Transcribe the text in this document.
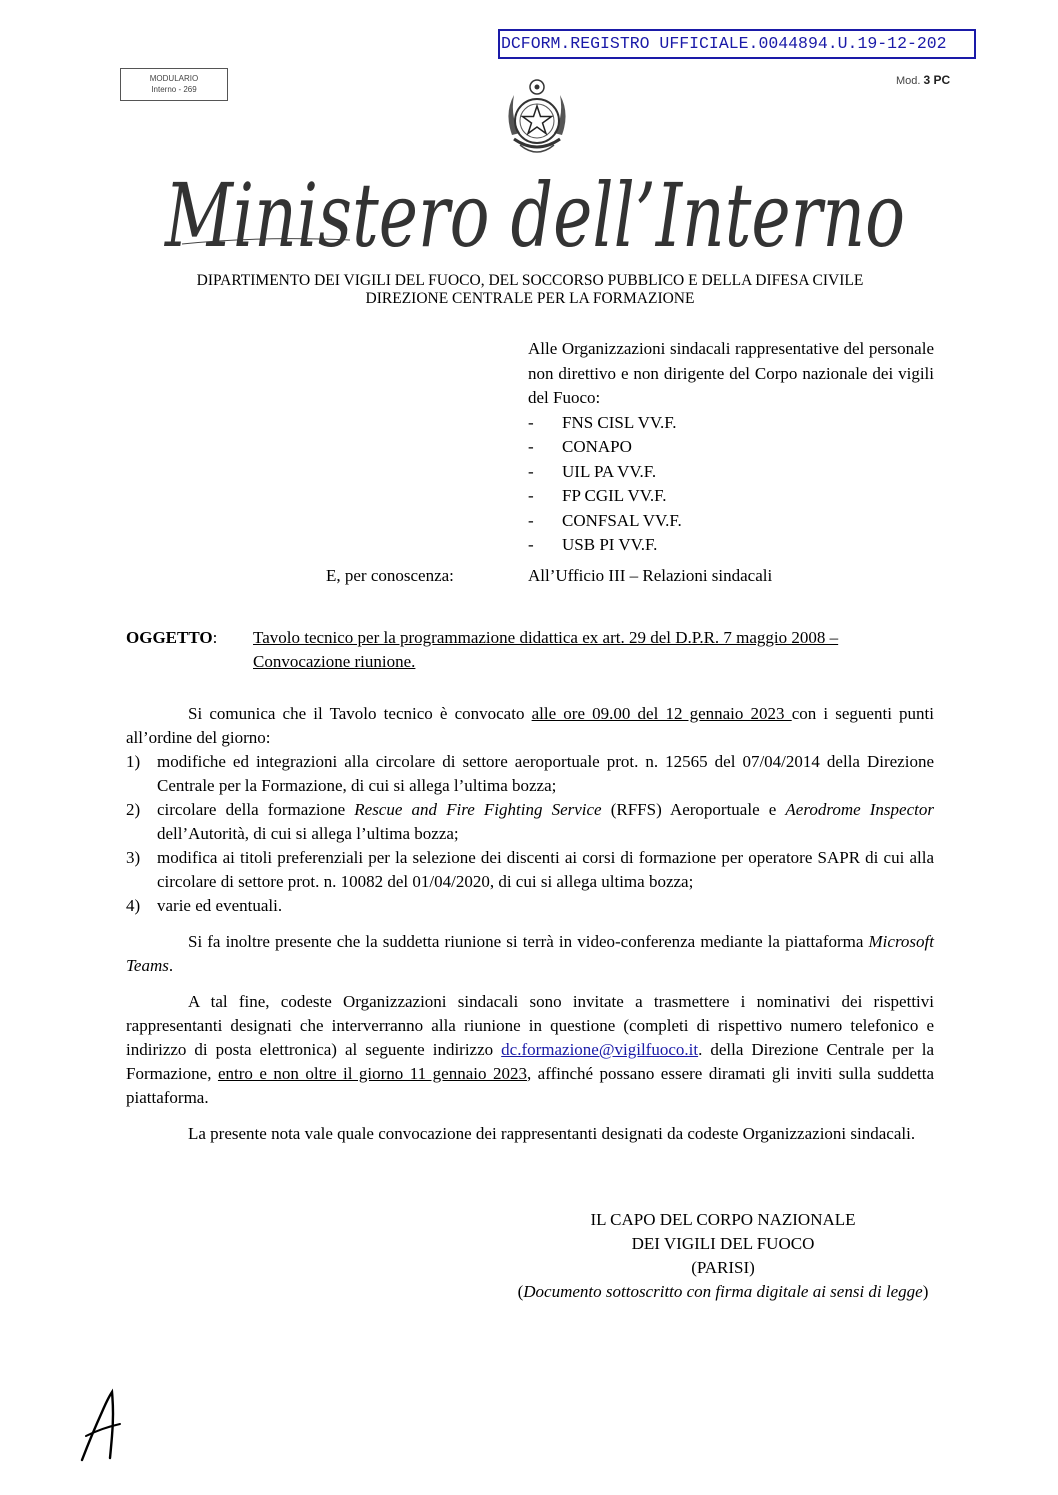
DCFORM.REGISTRO UFFICIALE.0044894.U.19-12-202
MODULARIO
Interno - 269
Mod. 3 PC
Ministero dell’Interno
DIPARTIMENTO DEI VIGILI DEL FUOCO, DEL SOCCORSO PUBBLICO E DELLA DIFESA CIVILE
DIREZIONE CENTRALE PER LA FORMAZIONE
Alle Organizzazioni sindacali rappresentative del personale non direttivo e non dirigente del Corpo nazionale dei vigili del Fuoco:
-	FNS CISL VV.F.
-	CONAPO
-	UIL PA VV.F.
-	FP CGIL VV.F.
-	CONFSAL VV.F.
-	USB PI VV.F.
E, per conoscenza:	All’Ufficio III – Relazioni sindacali
OGGETTO: Tavolo tecnico per la programmazione didattica ex art. 29 del D.P.R. 7 maggio 2008 – Convocazione riunione.

Si comunica che il Tavolo tecnico è convocato alle ore 09.00 del 12 gennaio 2023 con i seguenti punti all’ordine del giorno:

1) modifiche ed integrazioni alla circolare di settore aeroportuale prot. n. 12565 del 07/04/2014 della Direzione Centrale per la Formazione, di cui si allega l’ultima bozza;
2) circolare della formazione Rescue and Fire Fighting Service (RFFS) Aeroportuale e Aerodrome Inspector dell’Autorità, di cui si allega l’ultima bozza;
3) modifica ai titoli preferenziali per la selezione dei discenti ai corsi di formazione per operatore SAPR di cui alla circolare di settore prot. n. 10082 del 01/04/2020, di cui si allega ultima bozza;
4) varie ed eventuali.

Si fa inoltre presente che la suddetta riunione si terrà in video-conferenza mediante la piattaforma Microsoft Teams.

A tal fine, codeste Organizzazioni sindacali sono invitate a trasmettere i nominativi dei rispettivi rappresentanti designati che interverranno alla riunione in questione (completi di rispettivo numero telefonico e indirizzo di posta elettronica) al seguente indirizzo dc.formazione@vigilfuoco.it. della Direzione Centrale per la Formazione, entro e non oltre il giorno 11 gennaio 2023, affinché possano essere diramati gli inviti sulla suddetta piattaforma.

La presente nota vale quale convocazione dei rappresentanti designati da codeste Organizzazioni sindacali.

IL CAPO DEL CORPO NAZIONALE
DEI VIGILI DEL FUOCO
(PARISI)
(Documento sottoscritto con firma digitale ai sensi di legge)
